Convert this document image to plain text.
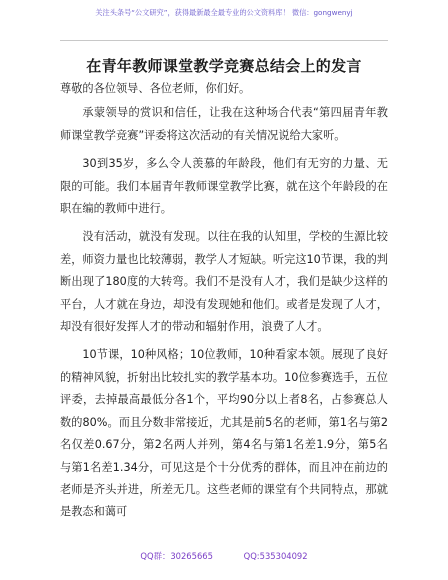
关注头条号“公文研究”，获得最新最全最专业的公文资料库！ 微信：gongwenyj
在青年教师课堂教学竞赛总结会上的发言

尊敬的各位领导、各位老师，你们好。

承蒙领导的赏识和信任，让我在这种场合代表“第四届青年教师课堂教学竞赛”评委将这次活动的有关情况说给大家听。

30到35岁，多么令人羡慕的年龄段，他们有无穷的力量、无限的可能。我们本届青年教师课堂教学比赛，就在这个年龄段的在职在编的教师中进行。

没有活动，就没有发现。以往在我的认知里，学校的生源比较差，师资力量也比较薄弱，教学人才短缺。听完这10节课，我的判断出现了180度的大转弯。我们不是没有人才，我们是缺少这样的平台，人才就在身边，却没有发现她和他们。或者是发现了人才，却没有很好发挥人才的带动和辐射作用，浪费了人才。

10节课，10种风格；10位教师，10种看家本领。展现了良好的精神风貌，折射出比较扎实的教学基本功。10位参赛选手，五位评委，去掉最高最低分各1个，平均90分以上者8名，占参赛总人数的80%。而且分数非常接近，尤其是前5名的老师，第1名与第2名仅差0.67分，第2名两人并列，第4名与第1名差1.9分，第5名与第1名差1.34分，可见这是个十分优秀的群体，而且冲在前边的老师是齐头并进，所差无几。这些老师的课堂有个共同特点，那就是教态和蔼可

QQ群：30265665	QQ:535304092
